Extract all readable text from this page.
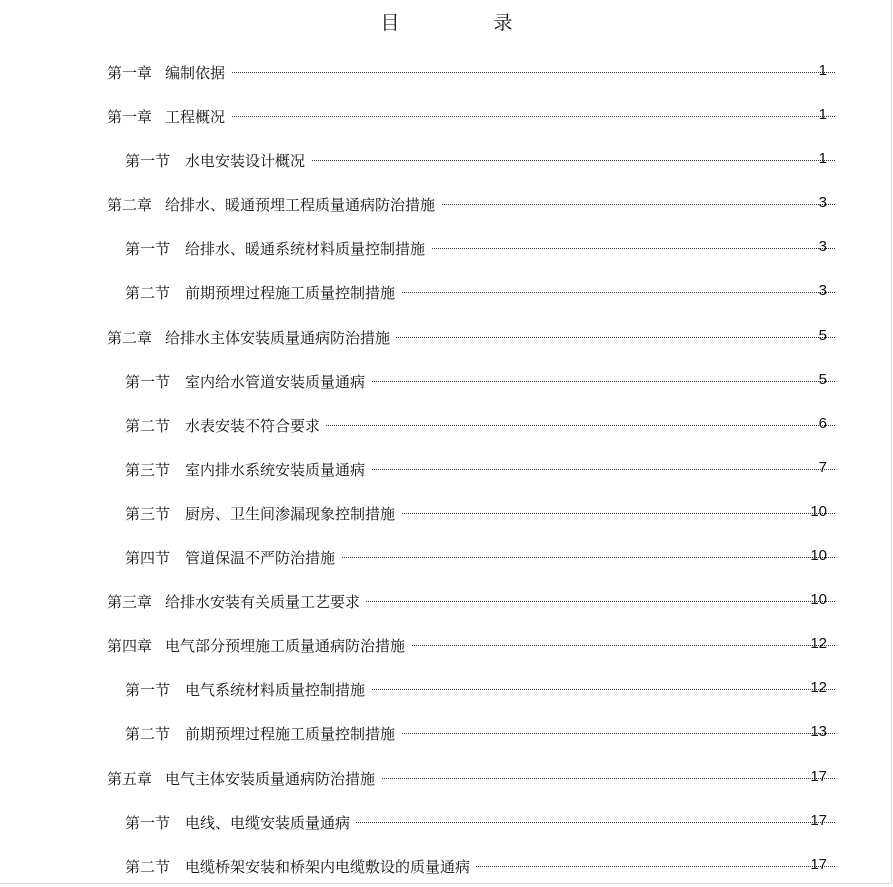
目 录
第一章 编制依据	1
第一章 工程概况	1
第一节 水电安装设计概况	1
第二章 给排水、暖通预埋工程质量通病防治措施	3
第一节 给排水、暖通系统材料质量控制措施	3
第二节 前期预埋过程施工质量控制措施	3
第二章 给排水主体安装质量通病防治措施	5
第一节 室内给水管道安装质量通病	5
第二节 水表安装不符合要求	6
第三节 室内排水系统安装质量通病	7
第三节 厨房、卫生间渗漏现象控制措施	10
第四节 管道保温不严防治措施	10
第三章 给排水安装有关质量工艺要求	10
第四章 电气部分预埋施工质量通病防治措施	12
第一节 电气系统材料质量控制措施	12
第二节 前期预埋过程施工质量控制措施	13
第五章 电气主体安装质量通病防治措施	17
第一节 电线、电缆安装质量通病	17
第二节 电缆桥架安装和桥架内电缆敷设的质量通病	17
